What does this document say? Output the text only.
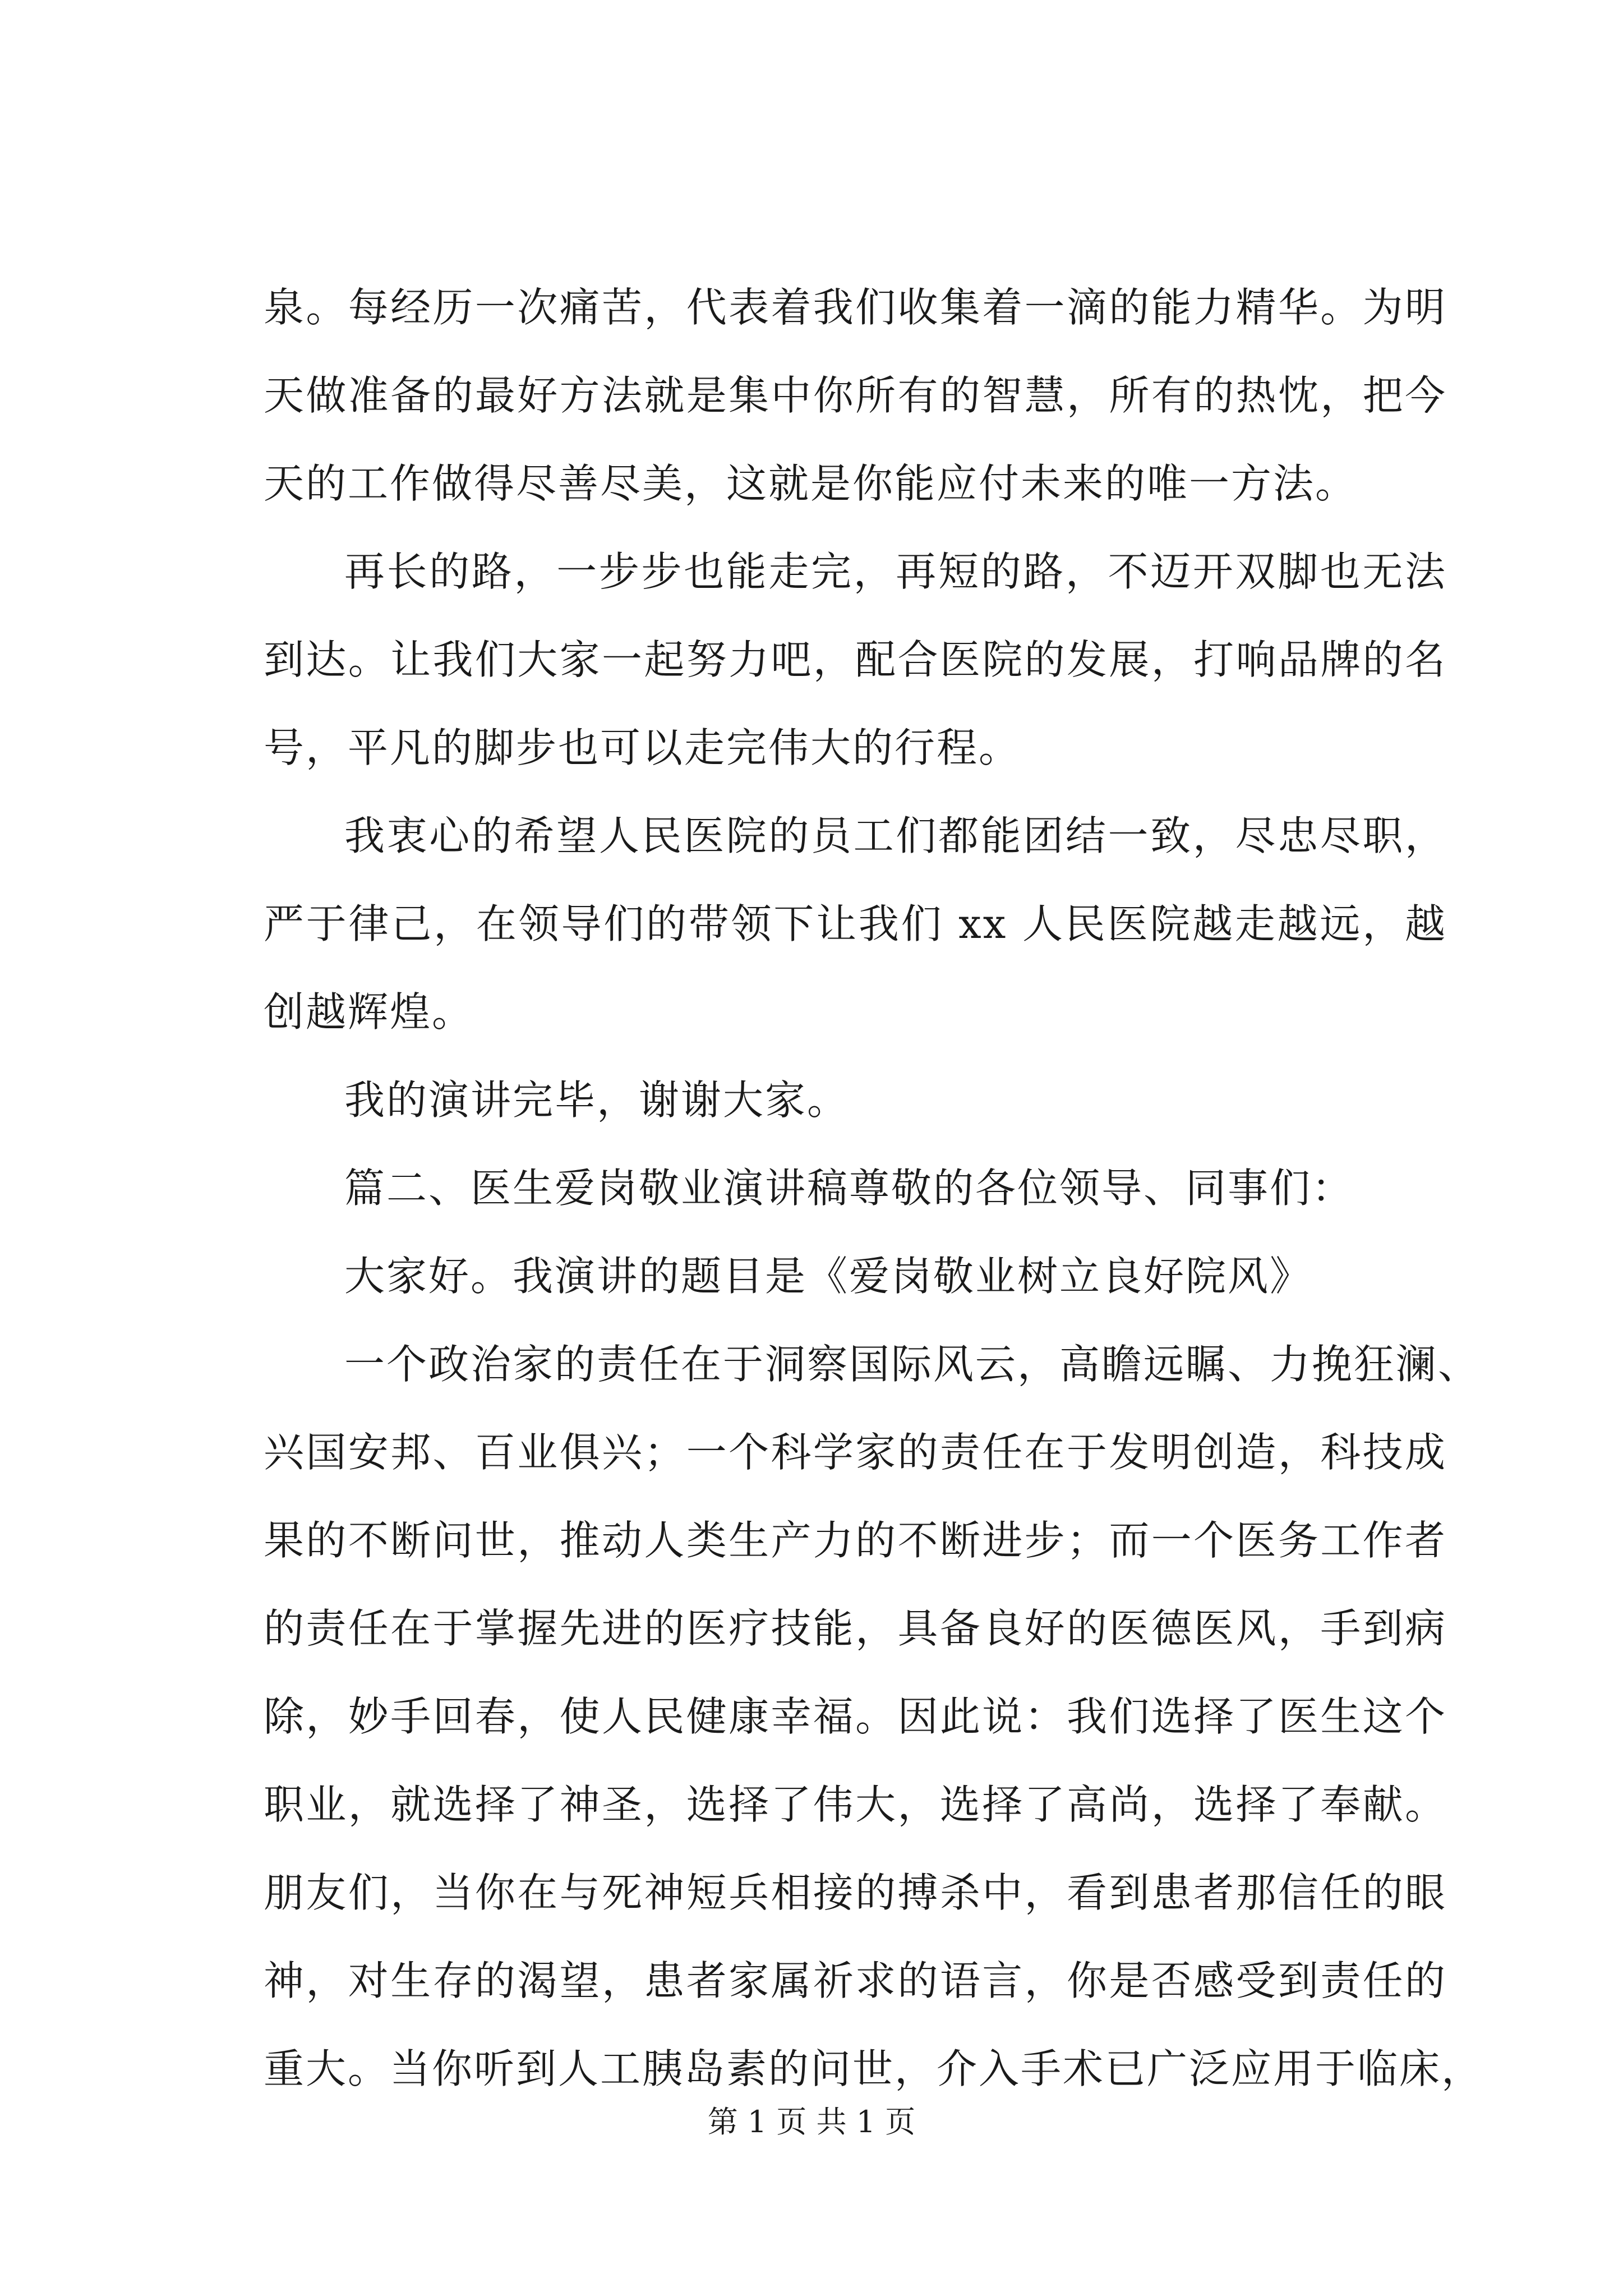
泉。每经历一次痛苦，代表着我们收集着一滴的能力精华。为明
天做准备的最好方法就是集中你所有的智慧，所有的热忱，把今
天的工作做得尽善尽美，这就是你能应付未来的唯一方法。
再长的路，一步步也能走完，再短的路，不迈开双脚也无法
到达。让我们大家一起努力吧，配合医院的发展，打响品牌的名
号，平凡的脚步也可以走完伟大的行程。
我衷心的希望人民医院的员工们都能团结一致，尽忠尽职，
严于律己，在领导们的带领下让我们 xx 人民医院越走越远，越
创越辉煌。
我的演讲完毕，谢谢大家。
篇二、医生爱岗敬业演讲稿尊敬的各位领导、同事们：
大家好。我演讲的题目是《爱岗敬业树立良好院风》
一个政治家的责任在于洞察国际风云，高瞻远瞩、力挽狂澜、
兴国安邦、百业俱兴；一个科学家的责任在于发明创造，科技成
果的不断问世，推动人类生产力的不断进步；而一个医务工作者
的责任在于掌握先进的医疗技能，具备良好的医德医风，手到病
除，妙手回春，使人民健康幸福。因此说：我们选择了医生这个
职业，就选择了神圣，选择了伟大，选择了高尚，选择了奉献。
朋友们，当你在与死神短兵相接的搏杀中，看到患者那信任的眼
神，对生存的渴望，患者家属祈求的语言，你是否感受到责任的
重大。当你听到人工胰岛素的问世，介入手术已广泛应用于临床，
第 1 页 共 1 页
